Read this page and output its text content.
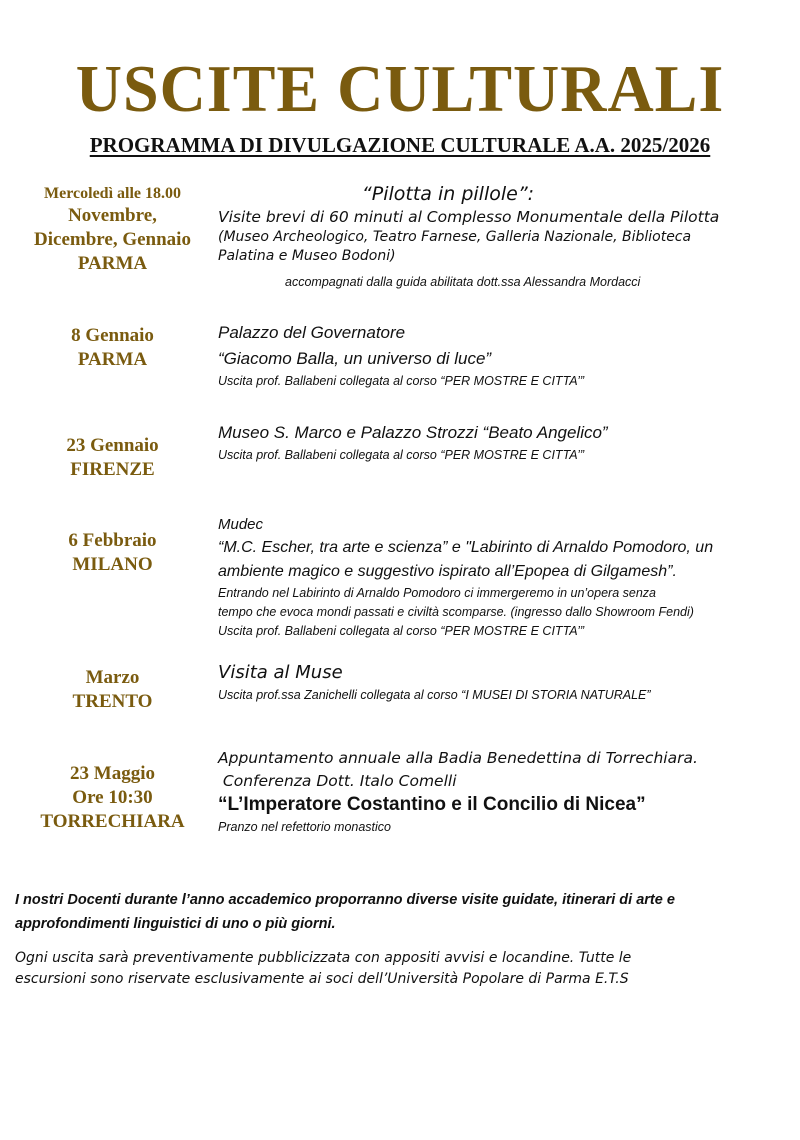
USCITE CULTURALI
PROGRAMMA DI DIVULGAZIONE CULTURALE A.A. 2025/2026
Mercoledì alle 18.00
Novembre,
Dicembre, Gennaio
PARMA
“Pilotta in pillole”:
Visite brevi di 60 minuti al Complesso Monumentale della Pilotta
(Museo Archeologico, Teatro Farnese, Galleria Nazionale, Biblioteca
Palatina e Museo Bodoni)
accompagnati dalla guida abilitata dott.ssa Alessandra Mordacci
8 Gennaio
PARMA
Palazzo del Governatore
“Giacomo Balla, un universo di luce”
Uscita prof. Ballabeni collegata al corso “PER MOSTRE E CITTA’”
23 Gennaio
FIRENZE
Museo S. Marco e Palazzo Strozzi “Beato Angelico”
Uscita prof. Ballabeni collegata al corso “PER MOSTRE E CITTA’”
6 Febbraio
MILANO
Mudec
“M.C. Escher, tra arte e scienza” e "Labirinto di Arnaldo Pomodoro, un
ambiente magico e suggestivo ispirato all’Epopea di Gilgamesh”.
Entrando nel Labirinto di Arnaldo Pomodoro ci immergeremo in un’opera senza
tempo che evoca mondi passati e civiltà scomparse. (ingresso dallo Showroom Fendi)
Uscita prof. Ballabeni collegata al corso “PER MOSTRE E CITTA’”
Marzo
TRENTO
Visita al Muse
Uscita prof.ssa Zanichelli collegata al corso “I MUSEI DI STORIA NATURALE”
23 Maggio
Ore 10:30
TORRECHIARA
Appuntamento annuale alla Badia Benedettina di Torrechiara.
Conferenza Dott. Italo Comelli
“L’Imperatore Costantino e il Concilio di Nicea”
Pranzo nel refettorio monastico
I nostri Docenti durante l’anno accademico proporranno diverse visite guidate, itinerari di arte e
approfondimenti linguistici di uno o più giorni.
Ogni uscita sarà preventivamente pubblicizzata con appositi avvisi e locandine. Tutte le
escursioni sono riservate esclusivamente ai soci dell’Università Popolare di Parma E.T.S
